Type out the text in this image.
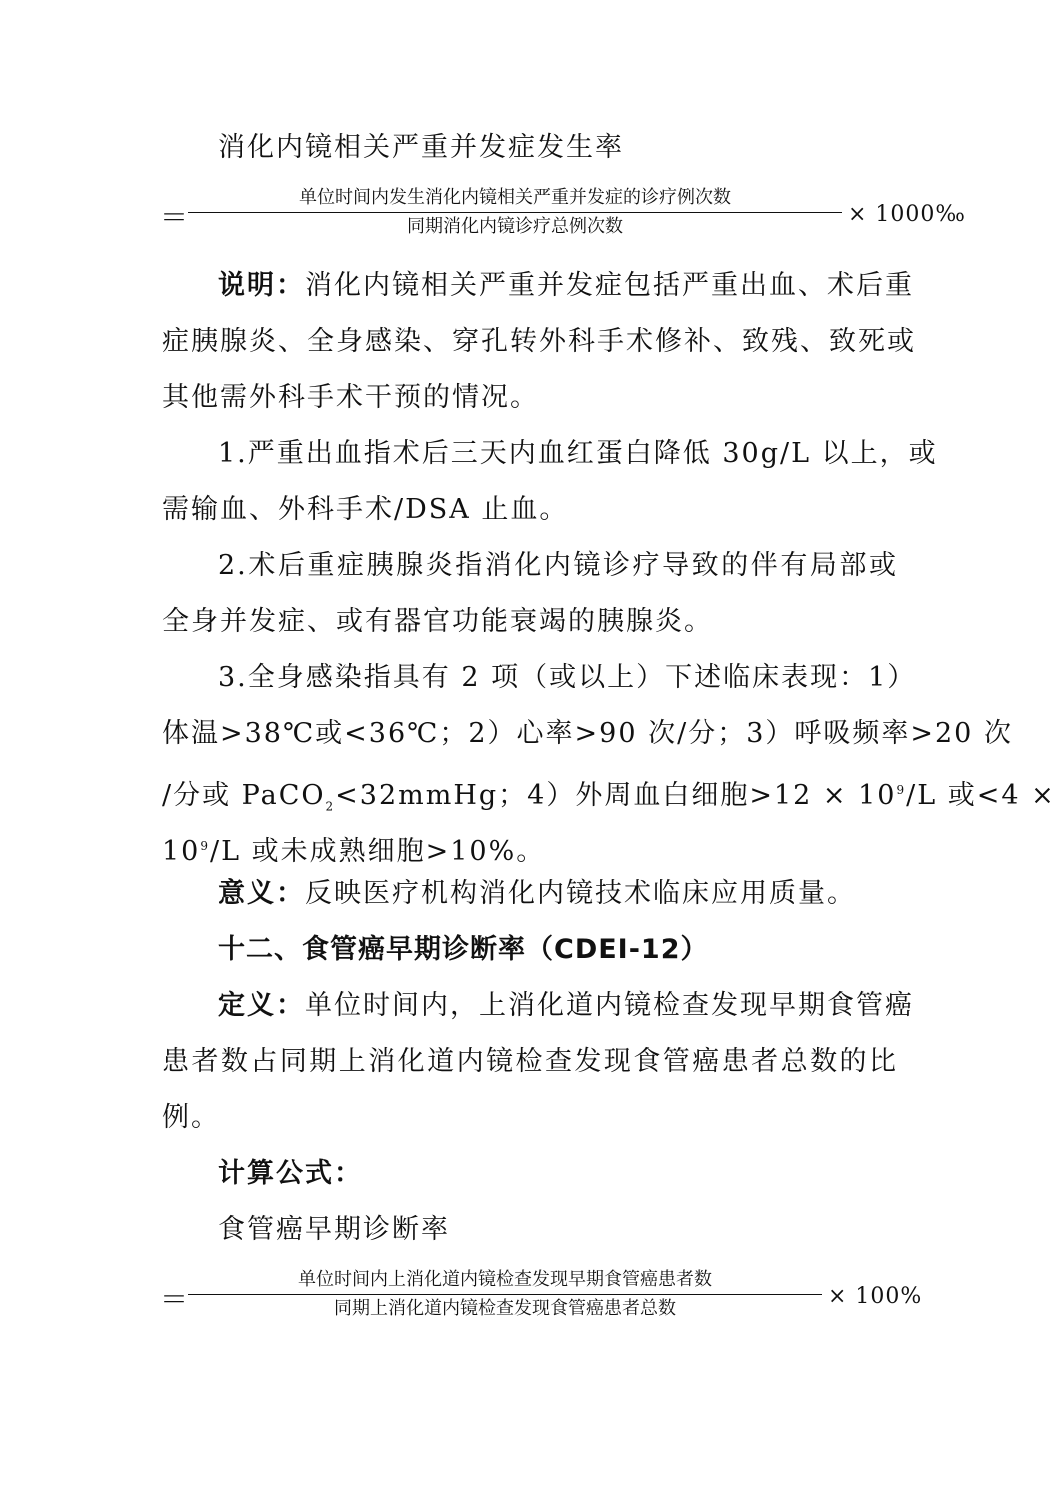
消化内镜相关严重并发症发生率
＝
单位时间内发生消化内镜相关严重并发症的诊疗例次数
同期消化内镜诊疗总例次数	× 1000‰
说明：消化内镜相关严重并发症包括严重出血、术后重
症胰腺炎、全身感染、穿孔转外科手术修补、致残、致死或
其他需外科手术干预的情况。
1.严重出血指术后三天内血红蛋白降低 30g/L 以上，或
需输血、外科手术/DSA 止血。
2.术后重症胰腺炎指消化内镜诊疗导致的伴有局部或
全身并发症、或有器官功能衰竭的胰腺炎。
3.全身感染指具有 2 项（或以上）下述临床表现：1）
体温>38℃或<36℃；2）心率>90 次/分；3）呼吸频率>20 次
/分或 PaCO$_2$<32mmHg；4）外周血白细胞$>12 \times 10^9/L$ 或<4 ×
$10^9/L$ 或未成熟细胞>10%。
意义：反映医疗机构消化内镜技术临床应用质量。
十二、食管癌早期诊断率（CDEI-12）
定义：单位时间内，上消化道内镜检查发现早期食管癌
患者数占同期上消化道内镜检查发现食管癌患者总数的比
例。
计算公式：
食管癌早期诊断率
＝
单位时间内上消化道内镜检查发现早期食管癌患者数
同期上消化道内镜检查发现食管癌患者总数	× 100%
